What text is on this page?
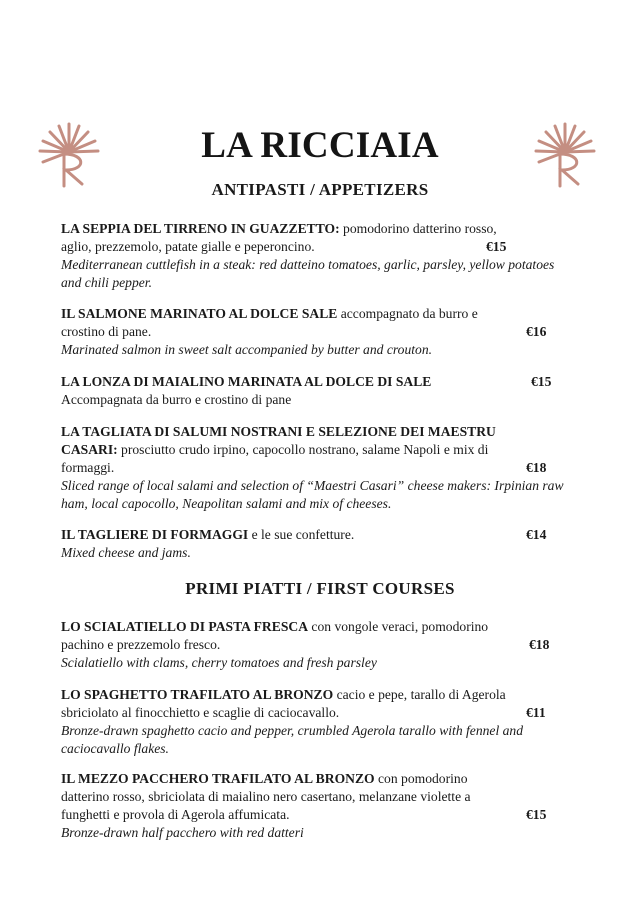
LA RICCIAIA
ANTIPASTI / APPETIZERS
LA SEPPIA DEL TIRRENO IN GUAZZETTO: pomodorino datterino rosso,
aglio, prezzemolo, patate gialle e peperoncino.
Mediterranean cuttlefish in a steak: red datteino tomatoes, garlic, parsley, yellow potatoes and chili pepper.
€15
IL SALMONE MARINATO AL DOLCE SALE accompagnato da burro e
crostino di pane.
Marinated salmon in sweet salt accompanied by butter and crouton.
€16
LA LONZA DI MAIALINO MARINATA AL DOLCE DI SALE
Accompagnata da burro e crostino di pane
€15
LA TAGLIATA DI SALUMI NOSTRANI E SELEZIONE DEI MAESTRU
CASARI: prosciutto crudo irpino, capocollo nostrano, salame Napoli e mix di
formaggi.
Sliced range of local salami and selection of “Maestri Casari” cheese makers: Irpinian raw ham, local capocollo, Neapolitan salami and mix of cheeses.
€18
IL TAGLIERE DI FORMAGGI e le sue confetture.
Mixed cheese and jams.
€14
PRIMI PIATTI / FIRST COURSES
LO SCIALATIELLO DI PASTA FRESCA con vongole veraci, pomodorino
pachino e prezzemolo fresco.
Scialatiello with clams, cherry tomatoes and fresh parsley
€18
LO SPAGHETTO TRAFILATO AL BRONZO cacio e pepe, tarallo di Agerola
sbriciolato al finocchietto e scaglie di caciocavallo.
Bronze-drawn spaghetto cacio and pepper, crumbled Agerola tarallo with fennel and caciocavallo flakes.
€11
IL MEZZO PACCHERO TRAFILATO AL BRONZO con pomodorino
datterino rosso, sbriciolata di maialino nero casertano, melanzane violette a
funghetti e provola di Agerola affumicata.
Bronze-drawn half pacchero with red datteri
€15
